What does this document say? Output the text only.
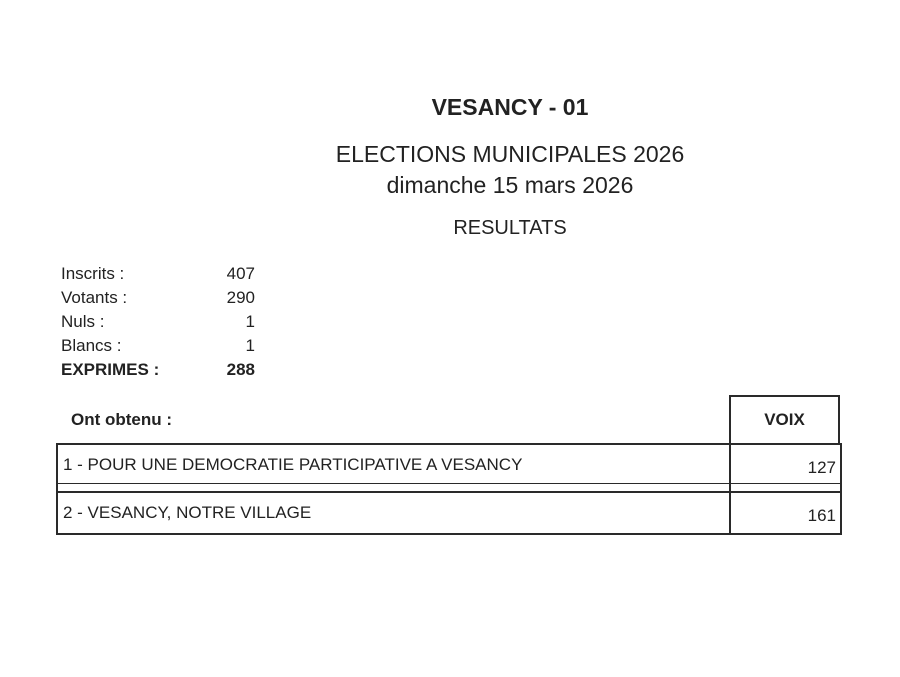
VESANCY - 01
ELECTIONS MUNICIPALES 2026
dimanche 15 mars 2026
RESULTATS
Inscrits :	407
Votants :	290
Nuls :	1
Blancs :	1
EXPRIMES :	288
Ont obtenu :	VOIX
1 - POUR UNE DEMOCRATIE PARTICIPATIVE A VESANCY	127
2 - VESANCY, NOTRE VILLAGE	161
